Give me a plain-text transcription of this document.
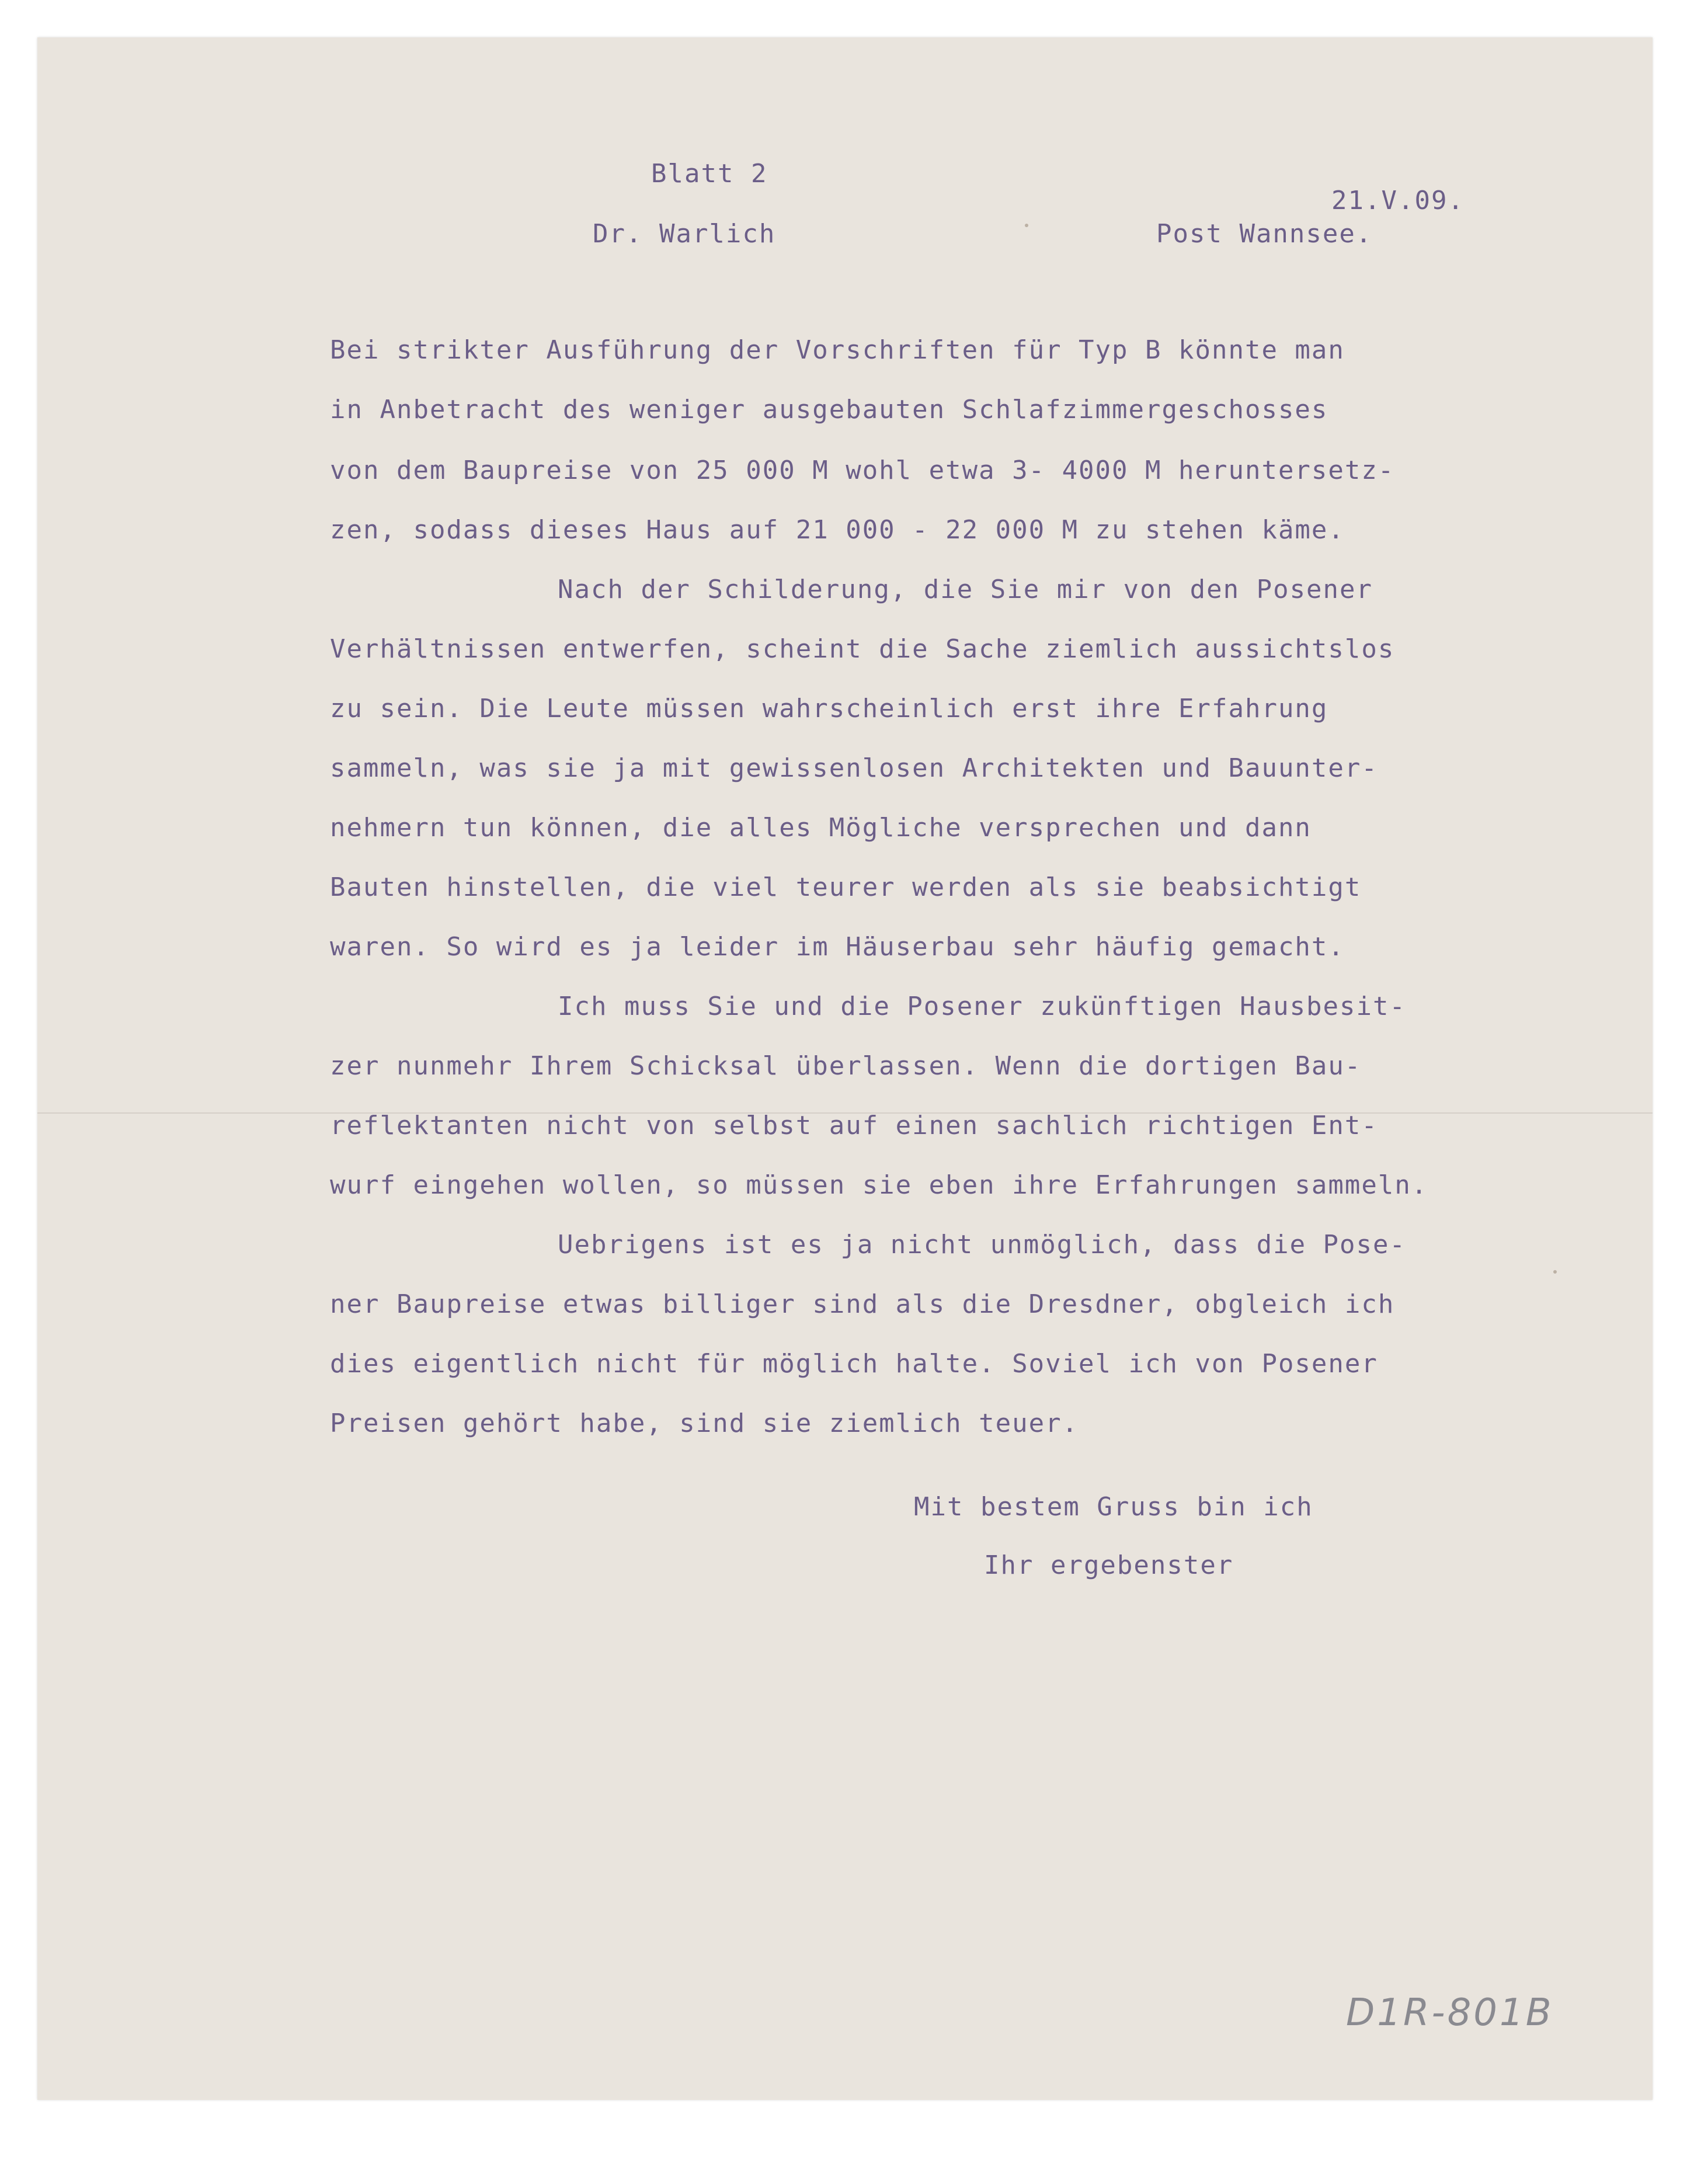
Blatt 2

21.V.09.

Dr. Warlich	Post Wannsee.

Bei strikter Ausführung der Vorschriften für Typ B könnte man

in Anbetracht des weniger ausgebauten Schlafzimmergeschosses

von dem Baupreise von 25 000 M wohl etwa 3- 4000 M heruntersetz-

zen, sodass dieses Haus auf 21 000 - 22 000 M zu stehen käme.

Nach der Schilderung, die Sie mir von den Posener

Verhältnissen entwerfen, scheint die Sache ziemlich aussichtslos

zu sein. Die Leute müssen wahrscheinlich erst ihre Erfahrung

sammeln, was sie ja mit gewissenlosen Architekten und Bauunter-

nehmern tun können, die alles Mögliche versprechen und dann

Bauten hinstellen, die viel teurer werden als sie beabsichtigt

waren. So wird es ja leider im Häuserbau sehr häufig gemacht.

Ich muss Sie und die Posener zukünftigen Hausbesit-

zer nunmehr Ihrem Schicksal überlassen. Wenn die dortigen Bau-

reflektanten nicht von selbst auf einen sachlich richtigen Ent-

wurf eingehen wollen, so müssen sie eben ihre Erfahrungen sammeln.

Uebrigens ist es ja nicht unmöglich, dass die Pose-

ner Baupreise etwas billiger sind als die Dresdner, obgleich ich

dies eigentlich nicht für möglich halte. Soviel ich von Posener

Preisen gehört habe, sind sie ziemlich teuer.

Mit bestem Gruss bin ich

Ihr ergebenster

D1R-801B
